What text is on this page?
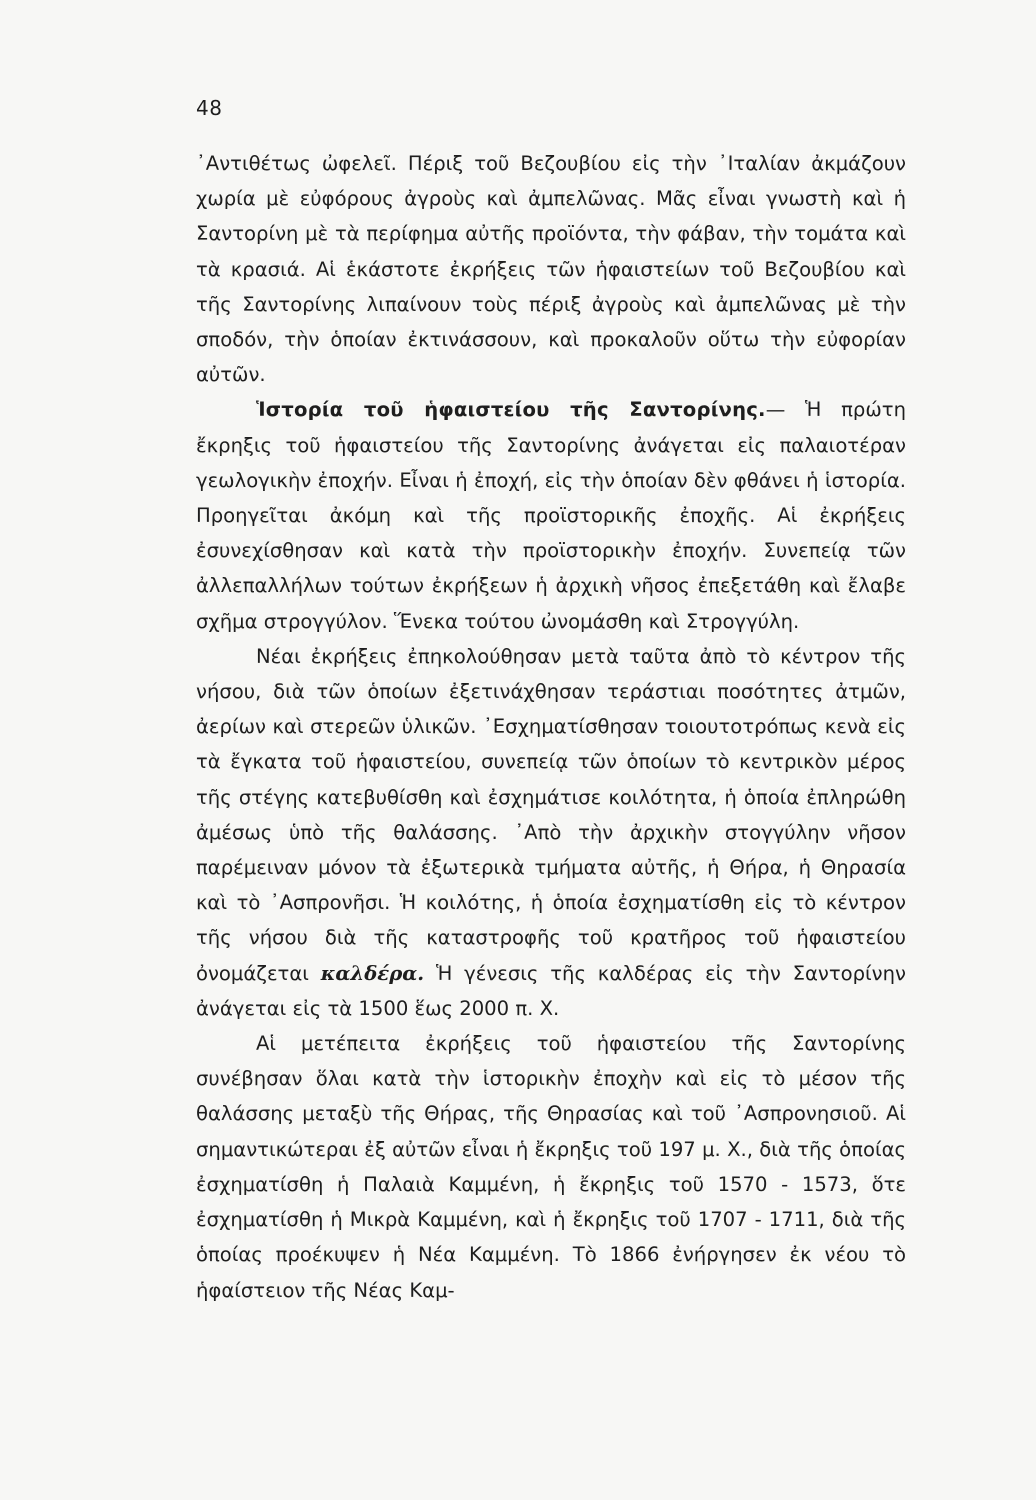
48

᾿Αντιθέτως ὠφελεῖ. Πέριξ τοῦ Βεζουβίου εἰς τὴν ᾿Ιταλίαν ἀκμάζουν χωρία μὲ εὐφόρους ἀγροὺς καὶ ἀμπελῶνας. Μᾶς εἶναι γνωστὴ καὶ ἡ Σαντορίνη μὲ τὰ περίφημα αὐτῆς προϊόντα, τὴν φάβαν, τὴν τομάτα καὶ τὰ κρασιά. Αἱ ἑκάστοτε ἐκρήξεις τῶν ἡφαιστείων τοῦ Βεζουβίου καὶ τῆς Σαντορίνης λιπαίνουν τοὺς πέριξ ἀγροὺς καὶ ἀμπελῶνας μὲ τὴν σποδόν, τὴν ὁποίαν ἐκτινάσσουν, καὶ προκαλοῦν οὕτω τὴν εὐφορίαν αὐτῶν.

Ἱστορία τοῦ ἡφαιστείου τῆς Σαντορίνης.— Ἡ πρώτη ἔκρηξις τοῦ ἡφαιστείου τῆς Σαντορίνης ἀνάγεται εἰς παλαιοτέραν γεωλογικὴν ἐποχήν. Εἶναι ἡ ἐποχή, εἰς τὴν ὁποίαν δὲν φθάνει ἡ ἱστορία. Προηγεῖται ἀκόμη καὶ τῆς προϊστορικῆς ἐποχῆς. Αἱ ἐκρήξεις ἐσυνεχίσθησαν καὶ κατὰ τὴν προϊστορικὴν ἐποχήν. Συνεπείᾳ τῶν ἀλλεπαλλήλων τούτων ἐκρήξεων ἡ ἀρχικὴ νῆσος ἐπεξετάθη καὶ ἔλαβε σχῆμα στρογγύλον. Ἕνεκα τούτου ὠνομάσθη καὶ Στρογγύλη.

Νέαι ἐκρήξεις ἐπηκολούθησαν μετὰ ταῦτα ἀπὸ τὸ κέντρον τῆς νήσου, διὰ τῶν ὁποίων ἐξετινάχθησαν τεράστιαι ποσότητες ἀτμῶν, ἀερίων καὶ στερεῶν ὑλικῶν. ᾿Εσχηματίσθησαν τοιουτοτρόπως κενὰ εἰς τὰ ἔγκατα τοῦ ἡφαιστείου, συνεπείᾳ τῶν ὁποίων τὸ κεντρικὸν μέρος τῆς στέγης κατεβυθίσθη καὶ ἐσχημάτισε κοιλότητα, ἡ ὁποία ἐπληρώθη ἀμέσως ὑπὸ τῆς θαλάσσης. ᾿Απὸ τὴν ἀρχικὴν στογγύλην νῆσον παρέμειναν μόνον τὰ ἐξωτερικὰ τμήματα αὐτῆς, ἡ Θήρα, ἡ Θηρασία καὶ τὸ ᾿Ασπρονῆσι. Ἡ κοιλότης, ἡ ὁποία ἐσχηματίσθη εἰς τὸ κέντρον τῆς νήσου διὰ τῆς καταστροφῆς τοῦ κρατῆρος τοῦ ἡφαιστείου ὀνομάζεται καλδέρα. Ἡ γένεσις τῆς καλδέρας εἰς τὴν Σαντορίνην ἀνάγεται εἰς τὰ 1500 ἕως 2000 π. Χ.

Αἱ μετέπειτα ἐκρήξεις τοῦ ἡφαιστείου τῆς Σαντορίνης συνέβησαν ὅλαι κατὰ τὴν ἱστορικὴν ἐποχὴν καὶ εἰς τὸ μέσον τῆς θαλάσσης μεταξὺ τῆς Θήρας, τῆς Θηρασίας καὶ τοῦ ᾿Ασπρονησιοῦ. Αἱ σημαντικώτεραι ἐξ αὐτῶν εἶναι ἡ ἔκρηξις τοῦ 197 μ. Χ., διὰ τῆς ὁποίας ἐσχηματίσθη ἡ Παλαιὰ Καμμένη, ἡ ἔκρηξις τοῦ 1570 - 1573, ὅτε ἐσχηματίσθη ἡ Μικρὰ Καμμένη, καὶ ἡ ἔκρηξις τοῦ 1707 - 1711, διὰ τῆς ὁποίας προέκυψεν ἡ Νέα Καμμένη. Τὸ 1866 ἐνήργησεν ἐκ νέου τὸ ἡφαίστειον τῆς Νέας Καμ-
